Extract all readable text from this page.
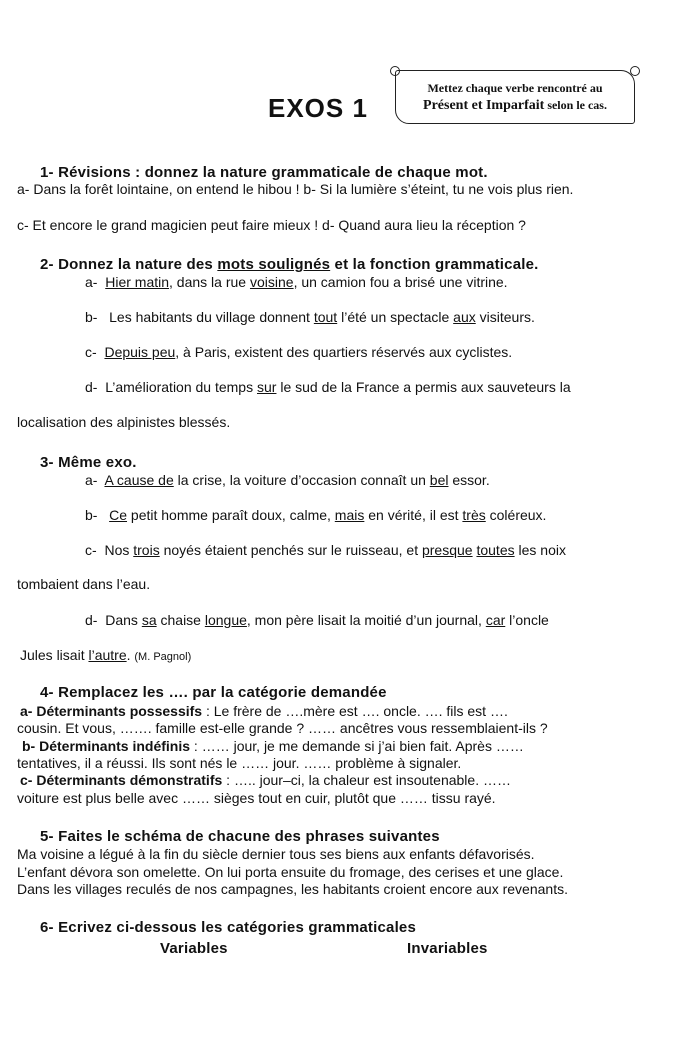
EXOS 1
Mettez chaque verbe rencontré au
Présent et Imparfait selon le cas.
1- Révisions : donnez la nature grammaticale de chaque mot.
a- Dans la forêt lointaine, on entend le hibou ! b- Si la lumière s’éteint, tu ne vois plus rien.
c- Et encore le grand magicien peut faire mieux ! d- Quand aura lieu la réception ?
2- Donnez la nature des mots soulignés et la fonction grammaticale.
a- Hier matin, dans la rue voisine, un camion fou a brisé une vitrine.
b- Les habitants du village donnent tout l’été un spectacle aux visiteurs.
c- Depuis peu, à Paris, existent des quartiers réservés aux cyclistes.
d- L’amélioration du temps sur le sud de la France a permis aux sauveteurs la
localisation des alpinistes blessés.
3- Même exo.
a- A cause de la crise, la voiture d’occasion connaît un bel essor.
b- Ce petit homme paraît doux, calme, mais en vérité, il est très coléreux.
c- Nos trois noyés étaient penchés sur le ruisseau, et presque toutes les noix
tombaient dans l’eau.
d- Dans sa chaise longue, mon père lisait la moitié d’un journal, car l’oncle
Jules lisait l’autre. (M. Pagnol)
4- Remplacez les …. par la catégorie demandée
a- Déterminants possessifs : Le frère de ….mère est …. oncle. …. fils est ….
cousin. Et vous, ……. famille est-elle grande ? …… ancêtres vous ressemblaient-ils ?
b- Déterminants indéfinis : …… jour, je me demande si j’ai bien fait. Après ……
tentatives, il a réussi. Ils sont nés le …… jour. …… problème à signaler.
c- Déterminants démonstratifs : ….. jour–ci, la chaleur est insoutenable. ……
voiture est plus belle avec …… sièges tout en cuir, plutôt que …… tissu rayé.
5- Faites le schéma de chacune des phrases suivantes
Ma voisine a légué à la fin du siècle dernier tous ses biens aux enfants défavorisés.
L’enfant dévora son omelette. On lui porta ensuite du fromage, des cerises et une glace.
Dans les villages reculés de nos campagnes, les habitants croient encore aux revenants.
6- Ecrivez ci-dessous les catégories grammaticales
Variables	Invariables
